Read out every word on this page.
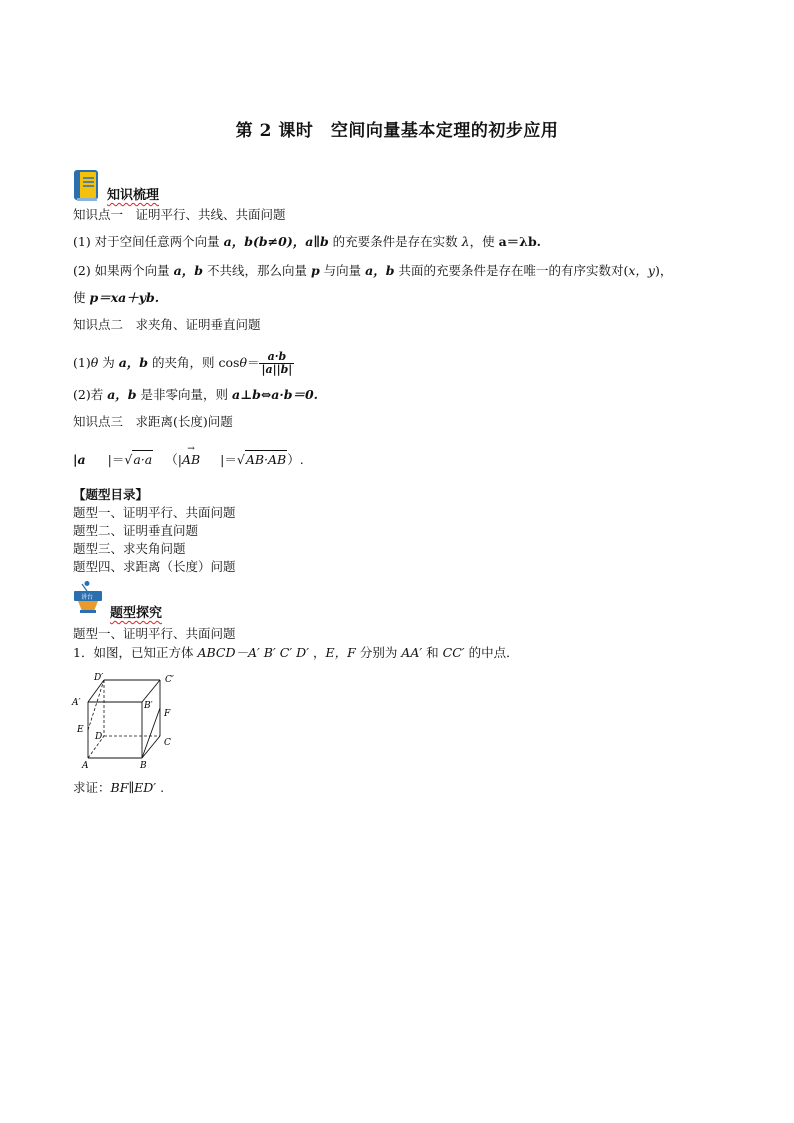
第 2 课时　空间向量基本定理的初步应用
知识梳理
知识点一　证明平行、共线、共面问题
(1) 对于空间任意两个向量 a，b(b≠0)，a∥b 的充要条件是存在实数 λ，使 a＝λb.
(2) 如果两个向量 a，b 不共线，那么向量 p 与向量 a，b 共面的充要条件是存在唯一的有序实数对(x，y)，
使 p＝xa＋yb.
知识点二　求夹角、证明垂直问题
(1)θ 为 a，b 的夹角，则 $\cos\theta= \frac{a\cdot b}{|a||b|}$
(2)若 a，b 是非零向量，则 a⊥b⇔a·b＝0.
知识点三　求距离(长度)问题
|a |＝√a·a （|→ AB |＝√AB·AB）.
【题型目录】
题型一、证明平行、共面问题
题型二、证明垂直问题
题型三、求夹角问题
题型四、求距离（长度）问题
讲台
题型探究
题型一、证明平行、共面问题
1．如图，已知正方体 ABCD－A′ B′ C′ D′ ，E，F 分别为 AA′ 和 CC′ 的中点．
D′	C′
A′	B′
E
F
D
C
A	B
求证：BF∥ED′ .
